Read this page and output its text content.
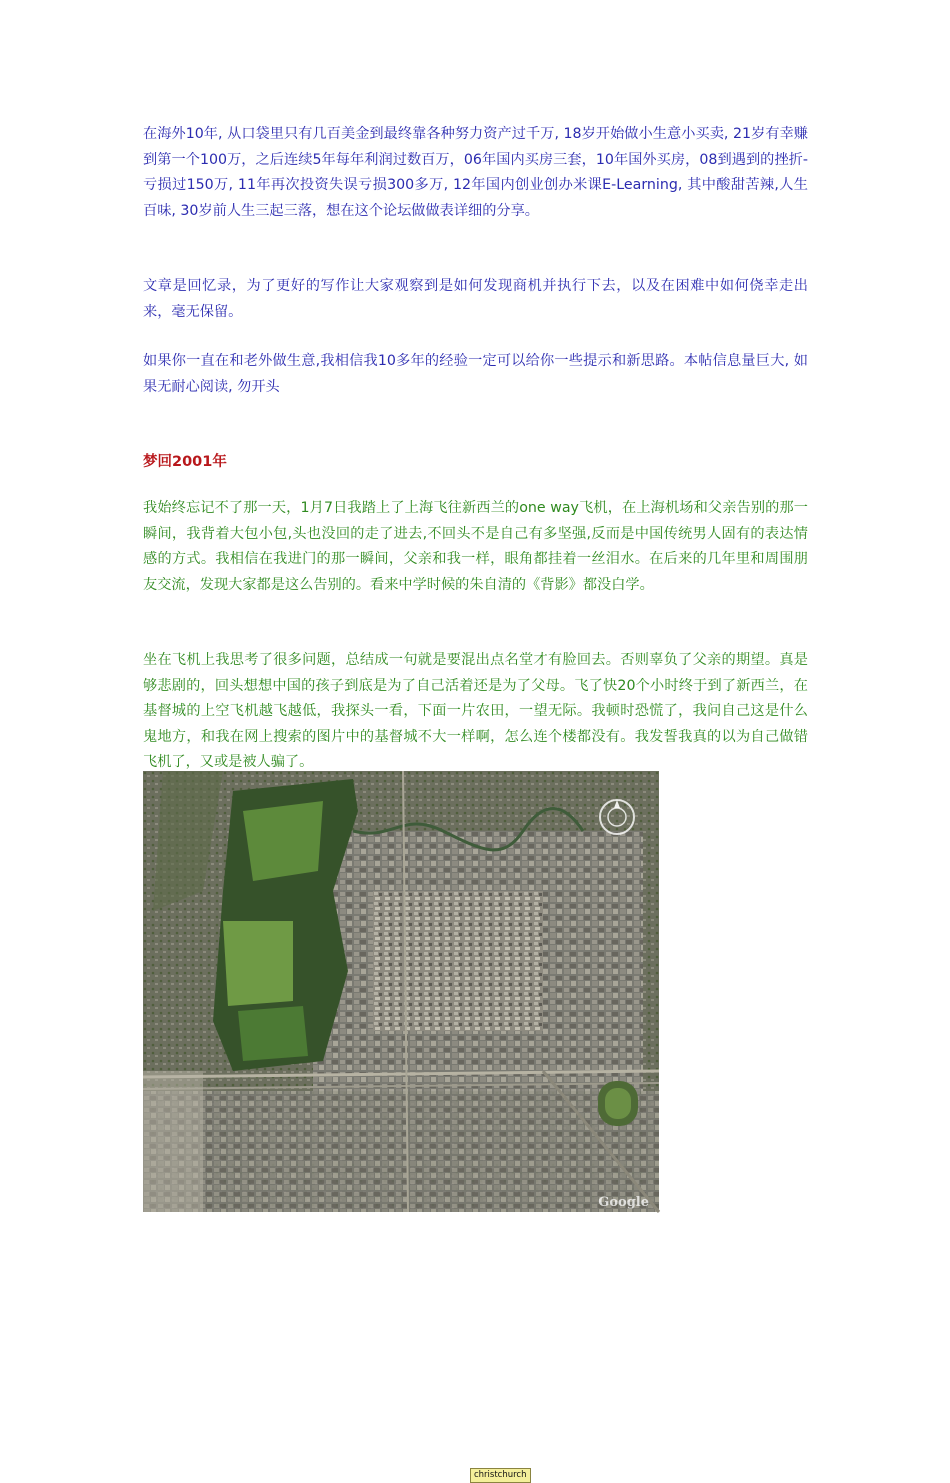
在海外10年, 从口袋里只有几百美金到最终靠各种努力资产过千万, 18岁开始做小生意小买卖, 21岁有幸赚到第一个100万，之后连续5年每年利润过数百万，06年国内买房三套，10年国外买房，08到遇到的挫折-亏损过150万, 11年再次投资失误亏损300多万, 12年国内创业创办米课E-Learning, 其中酸甜苦辣,人生百味, 30岁前人生三起三落，想在这个论坛做做表详细的分享。

文章是回忆录，为了更好的写作让大家观察到是如何发现商机并执行下去，以及在困难中如何侥幸走出来，毫无保留。

如果你一直在和老外做生意,我相信我10多年的经验一定可以给你一些提示和新思路。本帖信息量巨大, 如果无耐心阅读, 勿开头

梦回2001年

我始终忘记不了那一天，1月7日我踏上了上海飞往新西兰的one way飞机，在上海机场和父亲告别的那一瞬间，我背着大包小包,头也没回的走了进去,不回头不是自己有多坚强,反而是中国传统男人固有的表达情感的方式。我相信在我进门的那一瞬间，父亲和我一样，眼角都挂着一丝泪水。在后来的几年里和周围朋友交流，发现大家都是这么告别的。看来中学时候的朱自清的《背影》都没白学。

坐在飞机上我思考了很多问题，总结成一句就是要混出点名堂才有脸回去。否则辜负了父亲的期望。真是够悲剧的，回头想想中国的孩子到底是为了自己活着还是为了父母。飞了快20个小时终于到了新西兰，在基督城的上空飞机越飞越低，我探头一看，下面一片农田，一望无际。我顿时恐慌了，我问自己这是什么鬼地方，和我在网上搜索的图片中的基督城不大一样啊，怎么连个楼都没有。我发誓我真的以为自己做错飞机了，又或是被人骗了。

christchurch
Google
